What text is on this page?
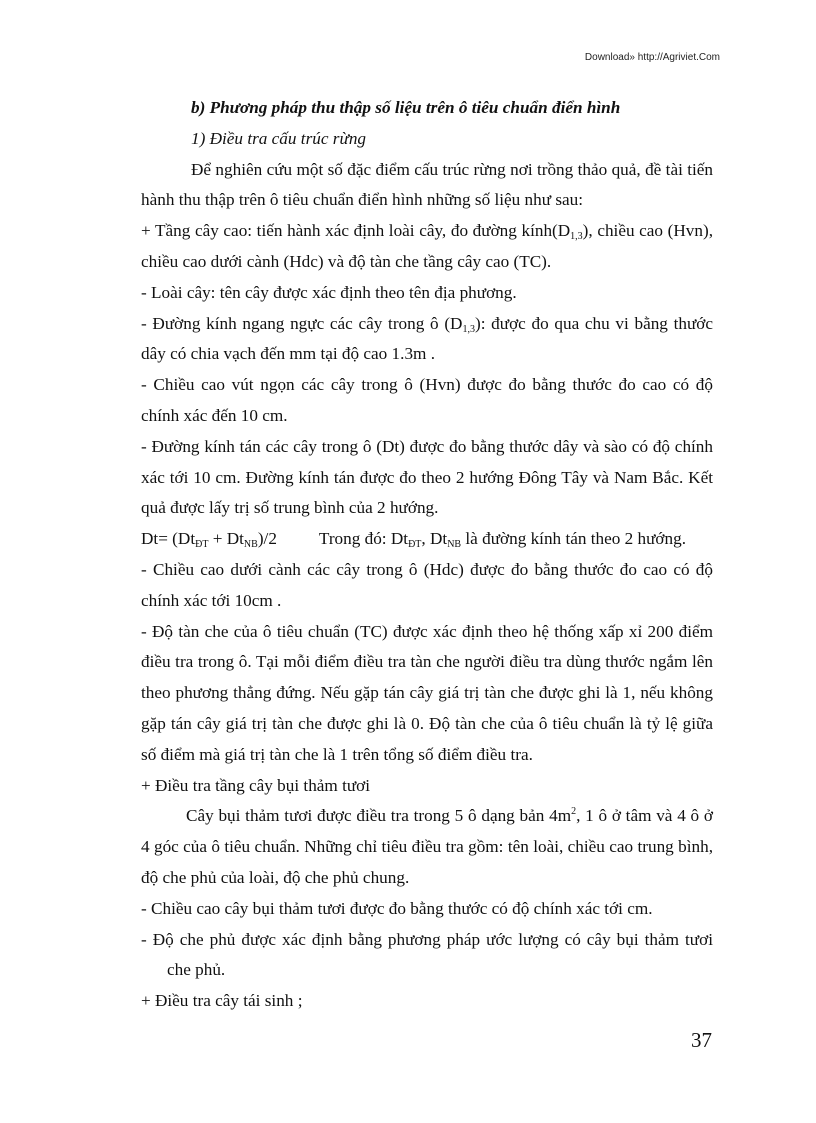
Download» http://Agriviet.Com

b) Phương pháp thu thập số liệu trên ô tiêu chuẩn điển hình

1) Điều tra cấu trúc rừng

Để nghiên cứu một số đặc điểm cấu trúc rừng nơi trồng thảo quả, đề tài tiến hành thu thập trên ô tiêu chuẩn điển hình những số liệu như sau:

+ Tầng cây cao: tiến hành xác định loài cây, đo đường $kính(D_{1,3})$, chiều cao (Hvn), chiều cao dưới cành (Hdc) và độ tàn che tầng cây cao (TC).

- Loài cây: tên cây được xác định theo tên địa phương.

- Đường kính ngang ngực các cây trong ô $(D_{1,3})$: được đo qua chu vi bằng thước dây có chia vạch đến mm tại độ cao 1.3m .

- Chiều cao vút ngọn các cây trong ô (Hvn) được đo bằng thước đo cao có độ chính xác đến 10 cm.

- Đường kính tán các cây trong ô (Dt) được đo bằng thước dây và sào có độ chính xác tới 10 cm. Đường kính tán được đo theo 2 hướng Đông Tây và Nam Bắc. Kết quả được lấy trị số trung bình của 2 hướng.

$Dt= (Dt_{ĐT} + Dt_{NB})/2$ Trong đó: $Dt_{ĐT}$, $Dt_{NB}$ là đường kính tán theo 2 hướng.

- Chiều cao dưới cành các cây trong ô (Hdc) được đo bằng thước đo cao có độ chính xác tới 10cm .

- Độ tàn che của ô tiêu chuẩn (TC) được xác định theo hệ thống xấp xỉ 200 điểm điều tra trong ô. Tại mỗi điểm điều tra tàn che người điều tra dùng thước ngắm lên theo phương thẳng đứng. Nếu gặp tán cây giá trị tàn che được ghi là 1, nếu không gặp tán cây giá trị tàn che được ghi là 0. Độ tàn che của ô tiêu chuẩn là tỷ lệ giữa số điểm mà giá trị tàn che là 1 trên tổng số điểm điều tra.

+ Điều tra tầng cây bụi thảm tươi

Cây bụi thảm tươi được điều tra trong 5 ô dạng bản $4m^2$, 1 ô ở tâm và 4 ô ở 4 góc của ô tiêu chuẩn. Những chỉ tiêu điều tra gồm: tên loài, chiều cao trung bình, độ che phủ của loài, độ che phủ chung.

- Chiều cao cây bụi thảm tươi được đo bằng thước có độ chính xác tới cm.

- Độ che phủ được xác định bằng phương pháp ước lượng có cây bụi thảm tươi che phủ.

+ Điều tra cây tái sinh ;

37
